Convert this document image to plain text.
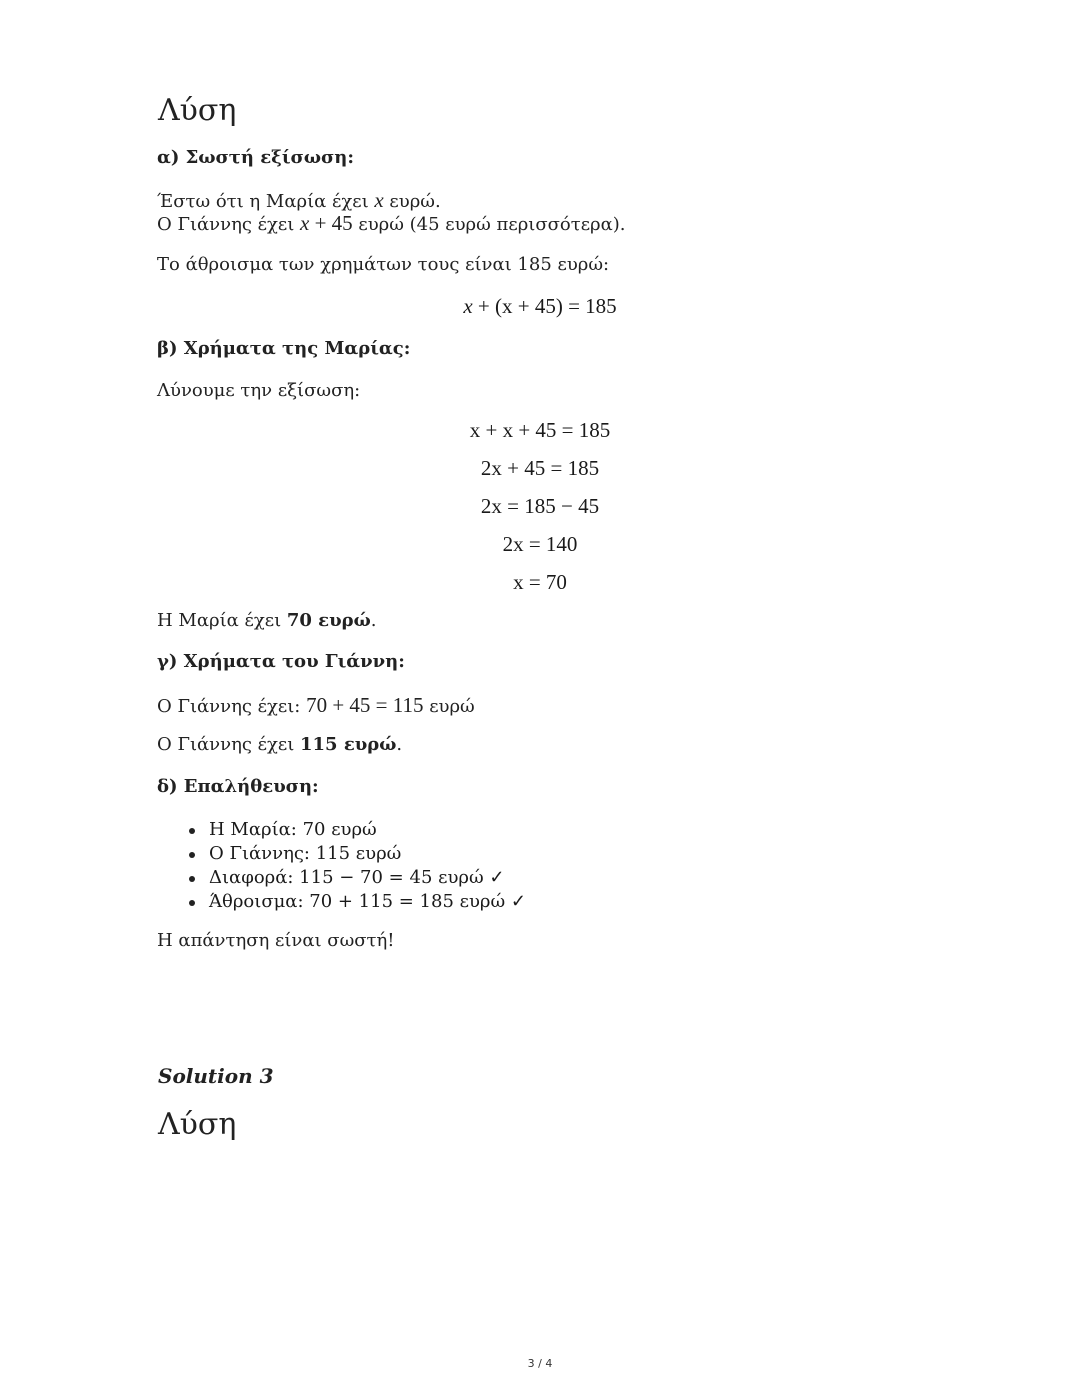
Λύση
α) Σωστή εξίσωση:
Έστω ότι η Μαρία έχει x ευρώ.
Ο Γιάννης έχει x + 45 ευρώ (45 ευρώ περισσότερα).
Το άθροισμα των χρημάτων τους είναι 185 ευρώ:
x + (x + 45) = 185
β) Χρήματα της Μαρίας:
Λύνουμε την εξίσωση:
x + x + 45 = 185
2x + 45 = 185
2x = 185 − 45
2x = 140
x = 70
Η Μαρία έχει 70 ευρώ.
γ) Χρήματα του Γιάννη:
Ο Γιάννης έχει: 70 + 45 = 115 ευρώ
Ο Γιάννης έχει 115 ευρώ.
δ) Επαλήθευση:
Η Μαρία: 70 ευρώ
Ο Γιάννης: 115 ευρώ
Διαφορά: 115 − 70 = 45 ευρώ ✓
Άθροισμα: 70 + 115 = 185 ευρώ ✓
Η απάντηση είναι σωστή!
Solution 3
Λύση
3 / 4
